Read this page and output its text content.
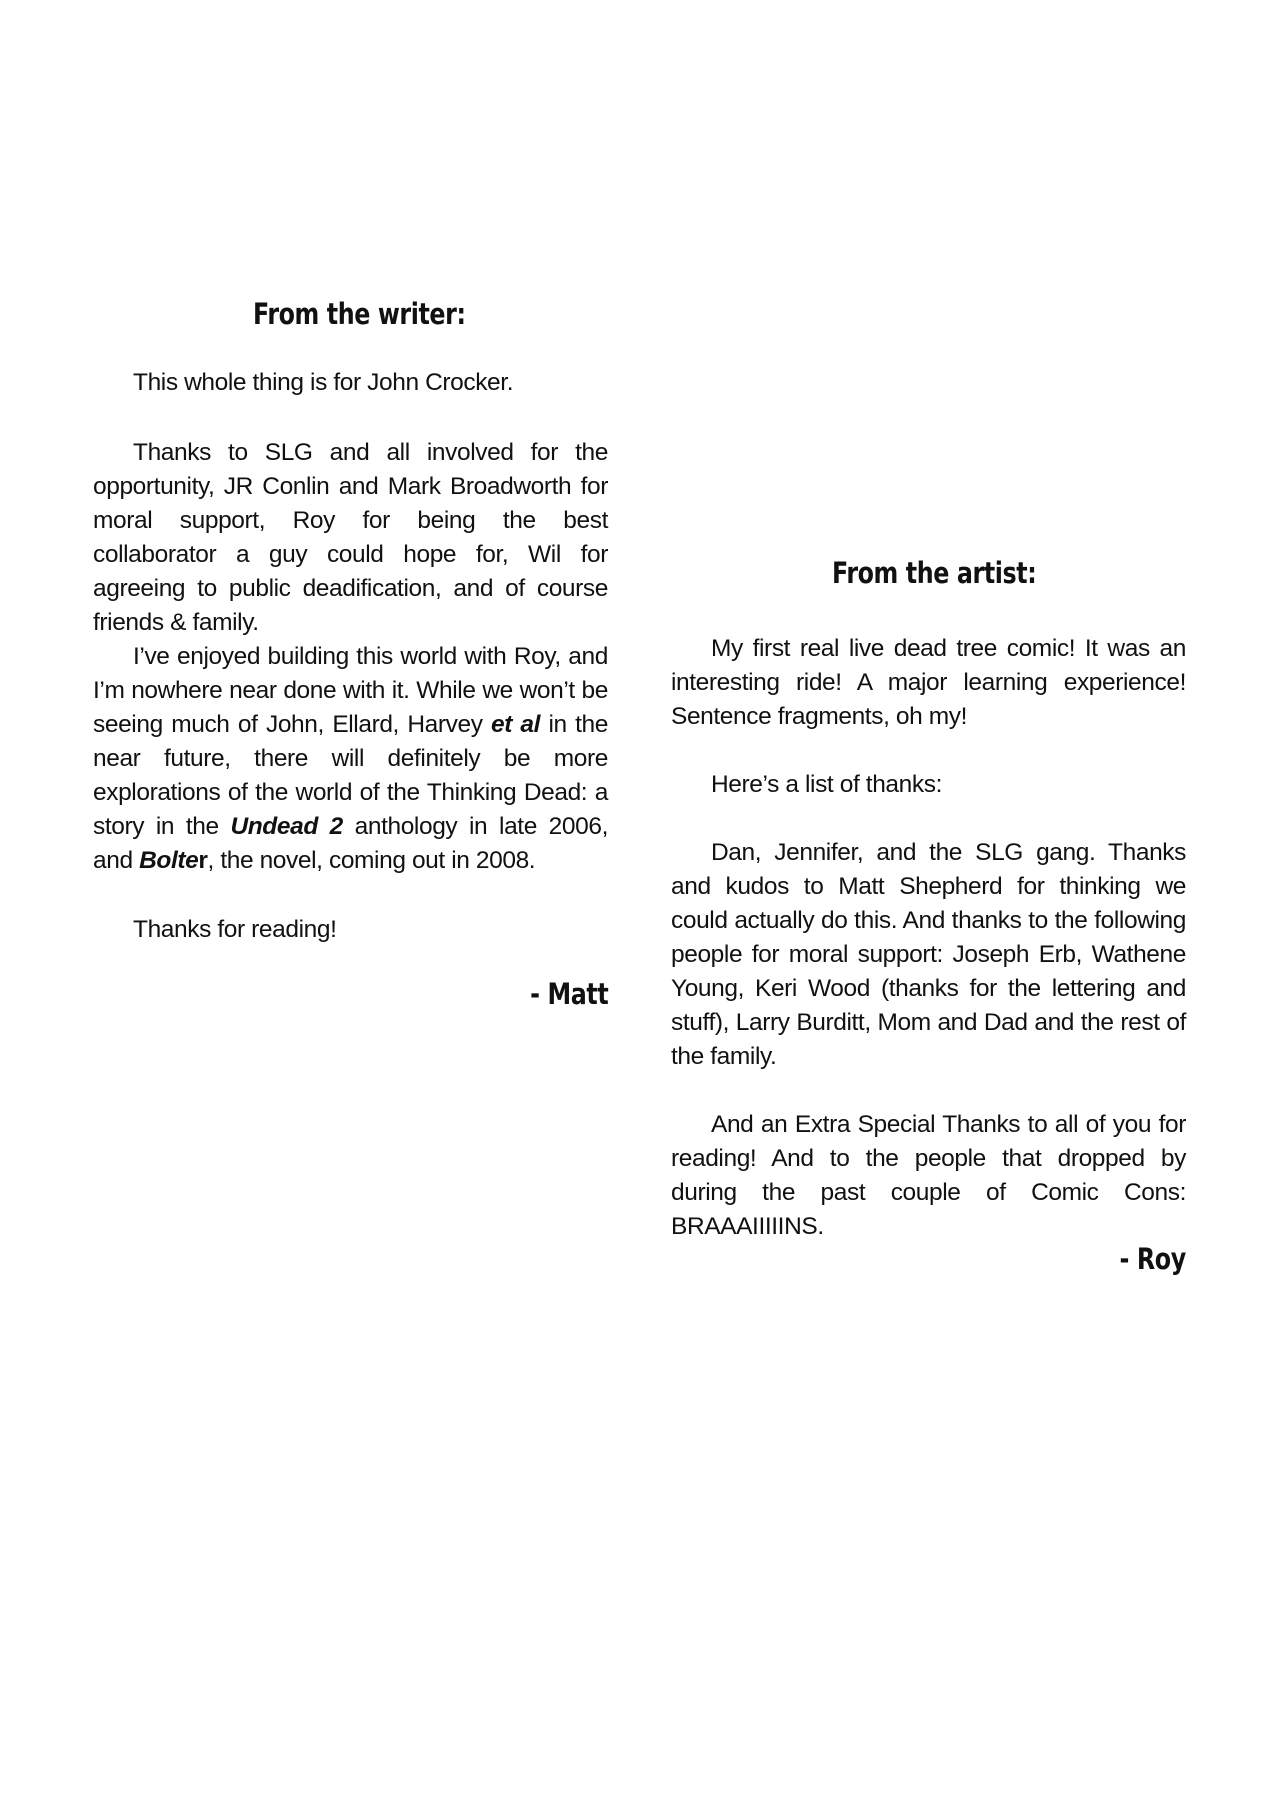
From the writer:

This whole thing is for John Crocker.

Thanks to SLG and all involved for the opportunity, JR Conlin and Mark Broadworth for moral support, Roy for being the best collaborator a guy could hope for, Wil for agreeing to public deadification, and of course friends & family.

I’ve enjoyed building this world with Roy, and I’m nowhere near done with it. While we won’t be seeing much of John, Ellard, Harvey et al in the near future, there will definitely be more explorations of the world of the Thinking Dead: a story in the Undead 2 anthology in late 2006, and Bolter, the novel, coming out in 2008.

Thanks for reading!

- Matt
From the artist:

My first real live dead tree comic! It was an interesting ride! A major learning experience! Sentence fragments, oh my!

Here’s a list of thanks:

Dan, Jennifer, and the SLG gang. Thanks and kudos to Matt Shepherd for thinking we could actually do this. And thanks to the following people for moral support: Joseph Erb, Wathene Young, Keri Wood (thanks for the lettering and stuff), Larry Burditt, Mom and Dad and the rest of the family.

And an Extra Special Thanks to all of you for reading! And to the people that dropped by during the past couple of Comic Cons: BRAAAIIIIINS.

- Roy
